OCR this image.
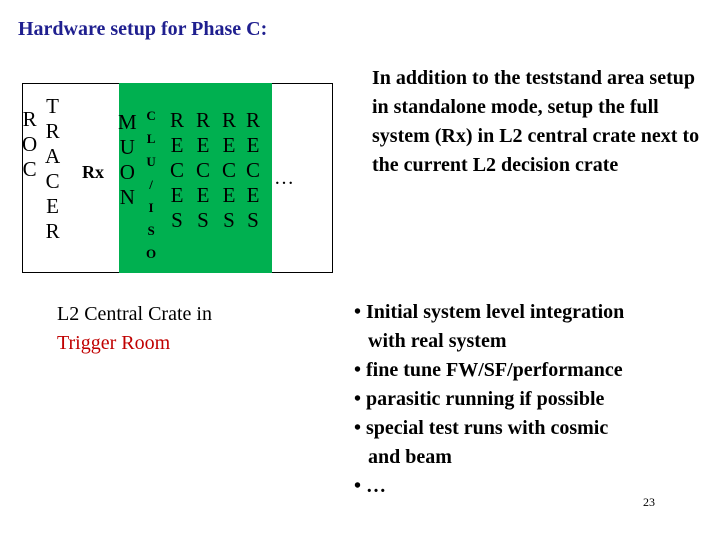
Hardware setup for Phase C:
R
O
C
T
R
A
C
E
R
Rx
M
U
O
N
C
L
U
/
I
S
O
R
E
C
E
S
R
E
C
E
S
R
E
C
E
S
R
E
C
E
S
…
In addition to the teststand area setup in standalone mode, setup the full system (Rx) in L2 central crate next to the current L2 decision crate
L2 Central Crate in
Trigger Room
• Initial system level integration
with real system
• fine tune FW/SF/performance
• parasitic running if possible
• special test runs with cosmic
and beam
• …
23
